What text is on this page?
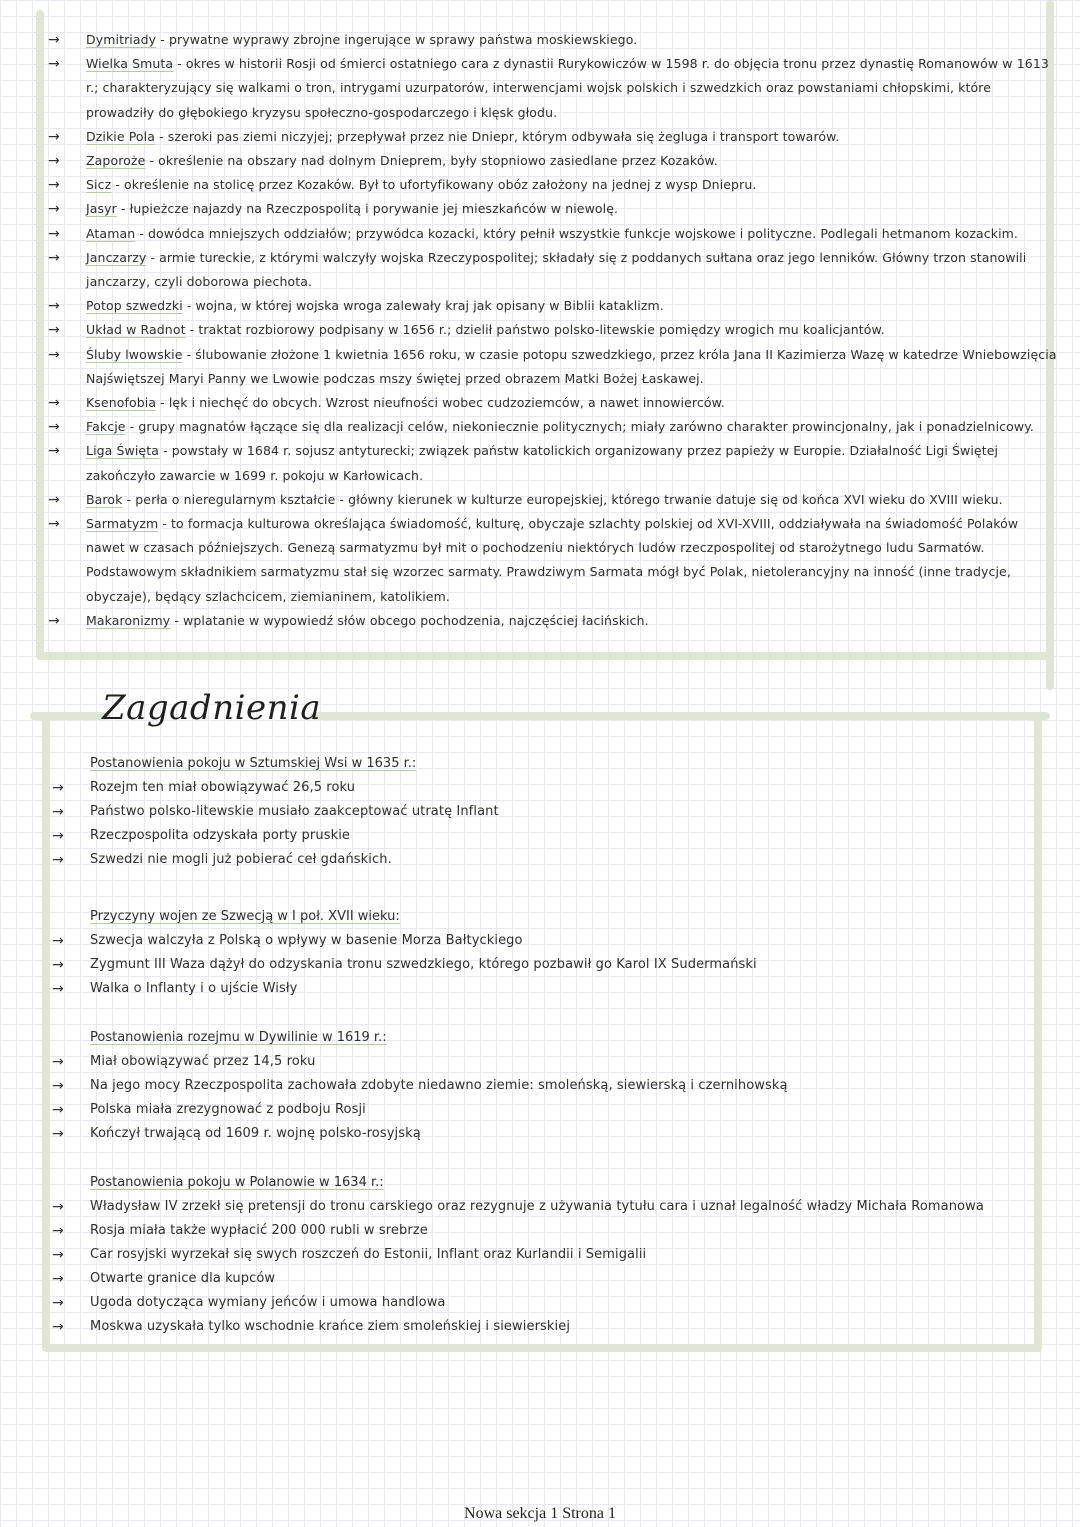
→	Dymitriady - prywatne wyprawy zbrojne ingerujące w sprawy państwa moskiewskiego.
→	Wielka Smuta - okres w historii Rosji od śmierci ostatniego cara z dynastii Rurykowiczów w 1598 r. do objęcia tronu przez dynastię Romanowów w 1613 r.; charakteryzujący się walkami o tron, intrygami uzurpatorów, interwencjami wojsk polskich i szwedzkich oraz powstaniami chłopskimi, które prowadziły do głębokiego kryzysu społeczno-gospodarczego i klęsk głodu.
→	Dzikie Pola - szeroki pas ziemi niczyjej; przepływał przez nie Dniepr, którym odbywała się żegluga i transport towarów.
→	Zaporoże - określenie na obszary nad dolnym Dnieprem, były stopniowo zasiedlane przez Kozaków.
→	Sicz - określenie na stolicę przez Kozaków. Był to ufortyfikowany obóz założony na jednej z wysp Dniepru.
→	Jasyr - łupieżcze najazdy na Rzeczpospolitą i porywanie jej mieszkańców w niewolę.
→	Ataman - dowódca mniejszych oddziałów; przywódca kozacki, który pełnił wszystkie funkcje wojskowe i polityczne. Podlegali hetmanom kozackim.
→	Janczarzy - armie tureckie, z którymi walczyły wojska Rzeczypospolitej; składały się z poddanych sułtana oraz jego lenników. Główny trzon stanowili janczarzy, czyli doborowa piechota.
→	Potop szwedzki - wojna, w której wojska wroga zalewały kraj jak opisany w Biblii kataklizm.
→	Układ w Radnot - traktat rozbiorowy podpisany w 1656 r.; dzielił państwo polsko-litewskie pomiędzy wrogich mu koalicjantów.
→	Śluby lwowskie - ślubowanie złożone 1 kwietnia 1656 roku, w czasie potopu szwedzkiego, przez króla Jana II Kazimierza Wazę w katedrze Wniebowzięcia Najświętszej Maryi Panny we Lwowie podczas mszy świętej przed obrazem Matki Bożej Łaskawej.
→	Ksenofobia - lęk i niechęć do obcych. Wzrost nieufności wobec cudzoziemców, a nawet innowierców.
→	Fakcje - grupy magnatów łączące się dla realizacji celów, niekoniecznie politycznych; miały zarówno charakter prowincjonalny, jak i ponadzielnicowy.
→	Liga Święta - powstały w 1684 r. sojusz antyturecki; związek państw katolickich organizowany przez papieży w Europie. Działalność Ligi Świętej zakończyło zawarcie w 1699 r. pokoju w Karłowicach.
→	Barok - perła o nieregularnym kształcie - główny kierunek w kulturze europejskiej, którego trwanie datuje się od końca XVI wieku do XVIII wieku.
→	Sarmatyzm - to formacja kulturowa określająca świadomość, kulturę, obyczaje szlachty polskiej od XVI-XVIII, oddziaływała na świadomość Polaków nawet w czasach późniejszych. Genezą sarmatyzmu był mit o pochodzeniu niektórych ludów rzeczpospolitej od starożytnego ludu Sarmatów. Podstawowym składnikiem sarmatyzmu stał się wzorzec sarmaty. Prawdziwym Sarmata mógł być Polak, nietolerancyjny na inność (inne tradycje, obyczaje), będący szlachcicem, ziemianinem, katolikiem.
→	Makaronizmy - wplatanie w wypowiedź słów obcego pochodzenia, najczęściej łacińskich.
Zagadnienia
Postanowienia pokoju w Sztumskiej Wsi w 1635 r.:
→	Rozejm ten miał obowiązywać 26,5 roku
→	Państwo polsko-litewskie musiało zaakceptować utratę Inflant
→	Rzeczpospolita odzyskała porty pruskie
→	Szwedzi nie mogli już pobierać ceł gdańskich.
Przyczyny wojen ze Szwecją w I poł. XVII wieku:
→	Szwecja walczyła z Polską o wpływy w basenie Morza Bałtyckiego
→	Zygmunt III Waza dążył do odzyskania tronu szwedzkiego, którego pozbawił go Karol IX Sudermański
→	Walka o Inflanty i o ujście Wisły
Postanowienia rozejmu w Dywilinie w 1619 r.:
→	Miał obowiązywać przez 14,5 roku
→	Na jego mocy Rzeczpospolita zachowała zdobyte niedawno ziemie: smoleńską, siewierską i czernihowską
→	Polska miała zrezygnować z podboju Rosji
→	Kończył trwającą od 1609 r. wojnę polsko-rosyjską
Postanowienia pokoju w Polanowie w 1634 r.:
→	Władysław IV zrzekł się pretensji do tronu carskiego oraz rezygnuje z używania tytułu cara i uznał legalność władzy Michała Romanowa
→	Rosja miała także wypłacić 200 000 rubli w srebrze
→	Car rosyjski wyrzekał się swych roszczeń do Estonii, Inflant oraz Kurlandii i Semigalii
→	Otwarte granice dla kupców
→	Ugoda dotycząca wymiany jeńców i umowa handlowa
→	Moskwa uzyskała tylko wschodnie krańce ziem smoleńskiej i siewierskiej
Nowa sekcja 1 Strona 1
